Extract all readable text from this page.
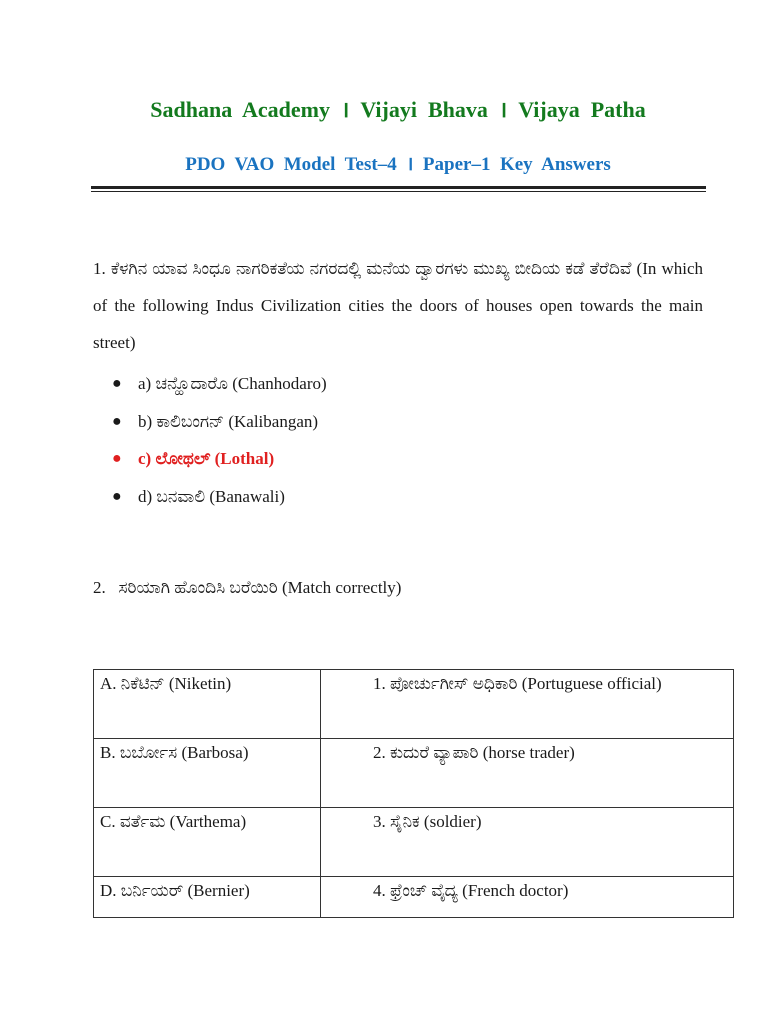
Sadhana  Academy  ।  Vijayi  Bhava  ।  Vijaya  Patha
PDO  VAO  Model  Test–4  ।  Paper–1  Key  Answers
1. ಕೆಳಗಿನ ಯಾವ ಸಿಂಧೂ ನಾಗರಿಕತೆಯ ನಗರದಲ್ಲಿ ಮನೆಯ ದ್ವಾರಗಳು ಮುಖ್ಯ ಬೀದಿಯ ಕಡೆ ತೆರೆದಿವೆ (In which of the following Indus Civilization cities the doors of houses open towards the main street)
● a) ಚನ್ಹೊದಾರೊ (Chanhodaro)
● b) ಕಾಲಿಬಂಗನ್ (Kalibangan)
● c) ಲೋಥಲ್ (Lothal)
● d) ಬನವಾಲಿ (Banawali)
2.   ಸರಿಯಾಗಿ ಹೊಂದಿಸಿ ಬರೆಯಿರಿ (Match correctly)
A. ನಿಕೆಟಿನ್ (Niketin)	1. ಪೋರ್ಚುಗೀಸ್ ಅಧಿಕಾರಿ (Portuguese official)
B. ಬರ್ಬೋಸ (Barbosa)	2. ಕುದುರೆ ವ್ಯಾಪಾರಿ (horse trader)
C. ವರ್ತೆಮ (Varthema)	3. ಸೈನಿಕ (soldier)
D. ಬರ್ನಿಯರ್ (Bernier)	4. ಫ್ರೆಂಚ್ ವೈದ್ಯ (French doctor)
